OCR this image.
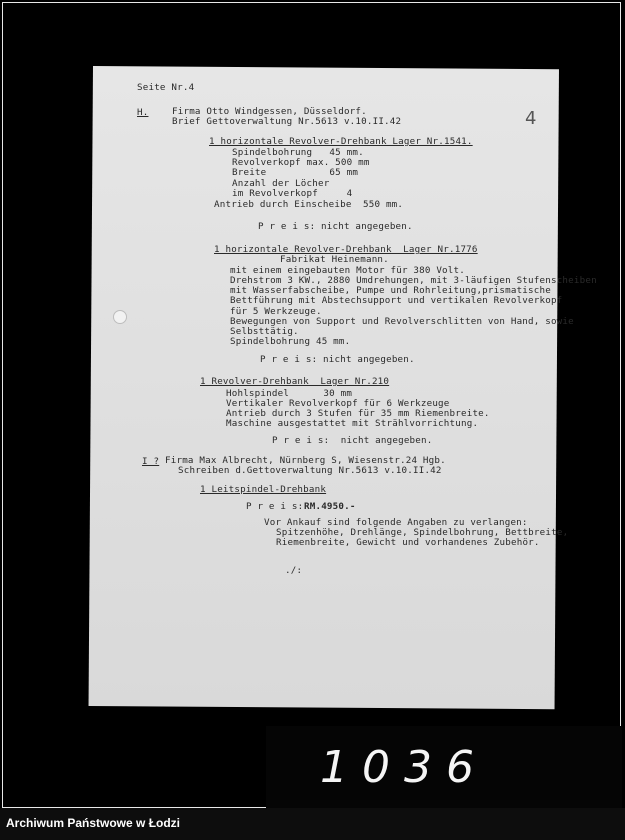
Seite Nr.4
4
H.	Firma Otto Windgessen, Düsseldorf.
Brief Gettoverwaltung Nr.5613 v.10.II.42
1 horizontale Revolver-Drehbank Lager Nr.1541.
Spindelbohrung   45 mm.
Revolverkopf max. 500 mm
Breite           65 mm
Anzahl der Löcher
im Revolverkopf     4
Antrieb durch Einscheibe  550 mm.
P r e i s: nicht angegeben.
1 horizontale Revolver-Drehbank  Lager Nr.1776
Fabrikat Heinemann.
mit einem eingebauten Motor für 380 Volt.
Drehstrom 3 KW., 2880 Umdrehungen, mit 3-läufigen Stufenscheiben
mit Wasserfabscheibe, Pumpe und Rohrleitung,prismatische
Bettführung mit Abstechsupport und vertikalen Revolverkopf
für 5 Werkzeuge.
Bewegungen von Support und Revolverschlitten von Hand, sowie
Selbsttätig.
Spindelbohrung 45 mm.
P r e i s: nicht angegeben.
1 Revolver-Drehbank  Lager Nr.210
Hohlspindel      30 mm
Vertikaler Revolverkopf für 6 Werkzeuge
Antrieb durch 3 Stufen für 35 mm Riemenbreite.
Maschine ausgestattet mit Strählvorrichtung.
P r e i s:  nicht angegeben.
I ? Firma Max Albrecht, Nürnberg S, Wiesenstr.24 Hgb.
Schreiben d.Gettoverwaltung Nr.5613 v.10.II.42
1 Leitspindel-Drehbank
P r e i s: RM.4950.-
Vor Ankauf sind folgende Angaben zu verlangen:
Spitzenhöhe, Drehlänge, Spindelbohrung, Bettbreite,
Riemenbreite, Gewicht und vorhandenes Zubehör.
./:
1036
Archiwum Państwowe w Łodzi
